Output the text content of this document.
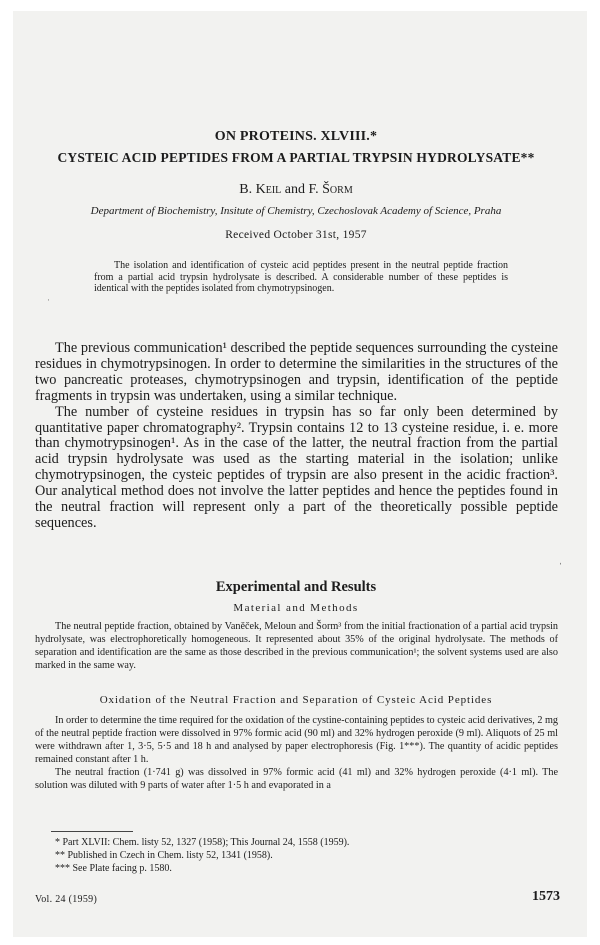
ON PROTEINS. XLVIII.*
CYSTEIC ACID PEPTIDES FROM A PARTIAL TRYPSIN HYDROLYSATE**
B. Keil and F. Šorm
Department of Biochemistry, Insitute of Chemistry, Czechoslovak Academy of Science, Praha
Received October 31st, 1957
The isolation and identification of cysteic acid peptides present in the neutral peptide fraction from a partial acid trypsin hydrolysate is described. A considerable number of these peptides is identical with the peptides isolated from chymotrypsinogen.

The previous communication¹ described the peptide sequences surrounding the cysteine residues in chymotrypsinogen. In order to determine the similarities in the structures of the two pancreatic proteases, chymotrypsinogen and trypsin, identification of the peptide fragments in trypsin was undertaken, using a similar technique.

The number of cysteine residues in trypsin has so far only been determined by quantitative paper chromatography². Trypsin contains 12 to 13 cysteine residue, i. e. more than chymotrypsinogen¹. As in the case of the latter, the neutral fraction from the partial acid trypsin hydrolysate was used as the starting material in the isolation; unlike chymotrypsinogen, the cysteic peptides of trypsin are also present in the acidic fraction³. Our analytical method does not involve the latter peptides and hence the peptides found in the neutral fraction will represent only a part of the theoretically possible peptide sequences.

Experimental and Results
Material and Methods

The neutral peptide fraction, obtained by Vaněček, Meloun and Šorm³ from the initial fractionation of a partial acid trypsin hydrolysate, was electrophoretically homogeneous. It represented about 35% of the original hydrolysate. The methods of separation and identification are the same as those described in the previous communication¹; the solvent systems used are also marked in the same way.

Oxidation of the Neutral Fraction and Separation of Cysteic Acid Peptides

In order to determine the time required for the oxidation of the cystine-containing peptides to cysteic acid derivatives, 2 mg of the neutral peptide fraction were dissolved in 97% formic acid (90 ml) and 32% hydrogen peroxide (9 ml). Aliquots of 25 ml were withdrawn after 1, 3·5, 5·5 and 18 h and analysed by paper electrophoresis (Fig. 1***). The quantity of acidic peptides remained constant after 1 h.

The neutral fraction (1·741 g) was dissolved in 97% formic acid (41 ml) and 32% hydrogen peroxide (4·1 ml). The solution was diluted with 9 parts of water after 1·5 h and evaporated in a

* Part XLVII: Chem. listy 52, 1327 (1958); This Journal 24, 1558 (1959).
** Published in Czech in Chem. listy 52, 1341 (1958).
*** See Plate facing p. 1580.
Vol. 24 (1959)	1573
·
ˈ
